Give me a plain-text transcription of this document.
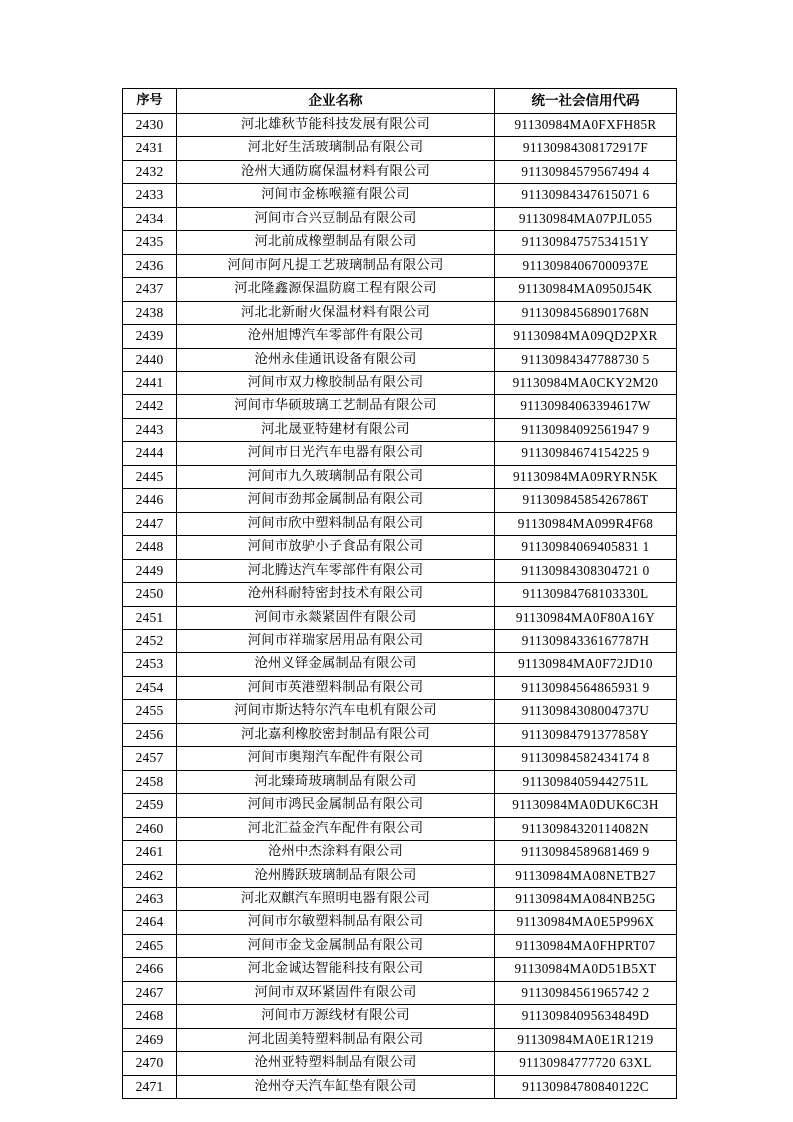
序号	企业名称	统一社会信用代码
2430	河北雄秋节能科技发展有限公司	91130984MA0FXFH85R
2431	河北好生活玻璃制品有限公司	91130984308172917F
2432	沧州大通防腐保温材料有限公司	91130984579567494 4
2433	河间市金栋喉箍有限公司	91130984347615071 6
2434	河间市合兴豆制品有限公司	91130984MA07PJL055
2435	河北前成橡塑制品有限公司	91130984757534151Y
2436	河间市阿凡提工艺玻璃制品有限公司	91130984067000937E
2437	河北隆鑫源保温防腐工程有限公司	91130984MA0950J54K
2438	河北北新耐火保温材料有限公司	91130984568901768N
2439	沧州旭博汽车零部件有限公司	91130984MA09QD2PXR
2440	沧州永佳通讯设备有限公司	91130984347788730 5
2441	河间市双力橡胶制品有限公司	91130984MA0CKY2M20
2442	河间市华硕玻璃工艺制品有限公司	91130984063394617W
2443	河北晟亚特建材有限公司	91130984092561947 9
2444	河间市日光汽车电器有限公司	91130984674154225 9
2445	河间市九久玻璃制品有限公司	91130984MA09RYRN5K
2446	河间市劲邦金属制品有限公司	91130984585426786T
2447	河间市欣中塑料制品有限公司	91130984MA099R4F68
2448	河间市放驴小子食品有限公司	91130984069405831 1
2449	河北腾达汽车零部件有限公司	91130984308304721 0
2450	沧州科耐特密封技术有限公司	91130984768103330L
2451	河间市永燚紧固件有限公司	91130984MA0F80A16Y
2452	河间市祥瑞家居用品有限公司	91130984336167787H
2453	沧州义铎金属制品有限公司	91130984MA0F72JD10
2454	河间市英港塑料制品有限公司	91130984564865931 9
2455	河间市斯达特尔汽车电机有限公司	91130984308004737U
2456	河北嘉利橡胶密封制品有限公司	91130984791377858Y
2457	河间市奥翔汽车配件有限公司	91130984582434174 8
2458	河北臻琦玻璃制品有限公司	91130984059442751L
2459	河间市鸿民金属制品有限公司	91130984MA0DUK6C3H
2460	河北汇益金汽车配件有限公司	91130984320114082N
2461	沧州中杰涂料有限公司	91130984589681469 9
2462	沧州腾跃玻璃制品有限公司	91130984MA08NETB27
2463	河北双麒汽车照明电器有限公司	91130984MA084NB25G
2464	河间市尔敏塑料制品有限公司	91130984MA0E5P996X
2465	河间市金戈金属制品有限公司	91130984MA0FHPRT07
2466	河北金诚达智能科技有限公司	91130984MA0D51B5XT
2467	河间市双环紧固件有限公司	91130984561965742 2
2468	河间市万源线材有限公司	91130984095634849D
2469	河北固美特塑料制品有限公司	91130984MA0E1R1219
2470	沧州亚特塑料制品有限公司	91130984777720 63XL
2471	沧州夺天汽车缸垫有限公司	91130984780840122C
